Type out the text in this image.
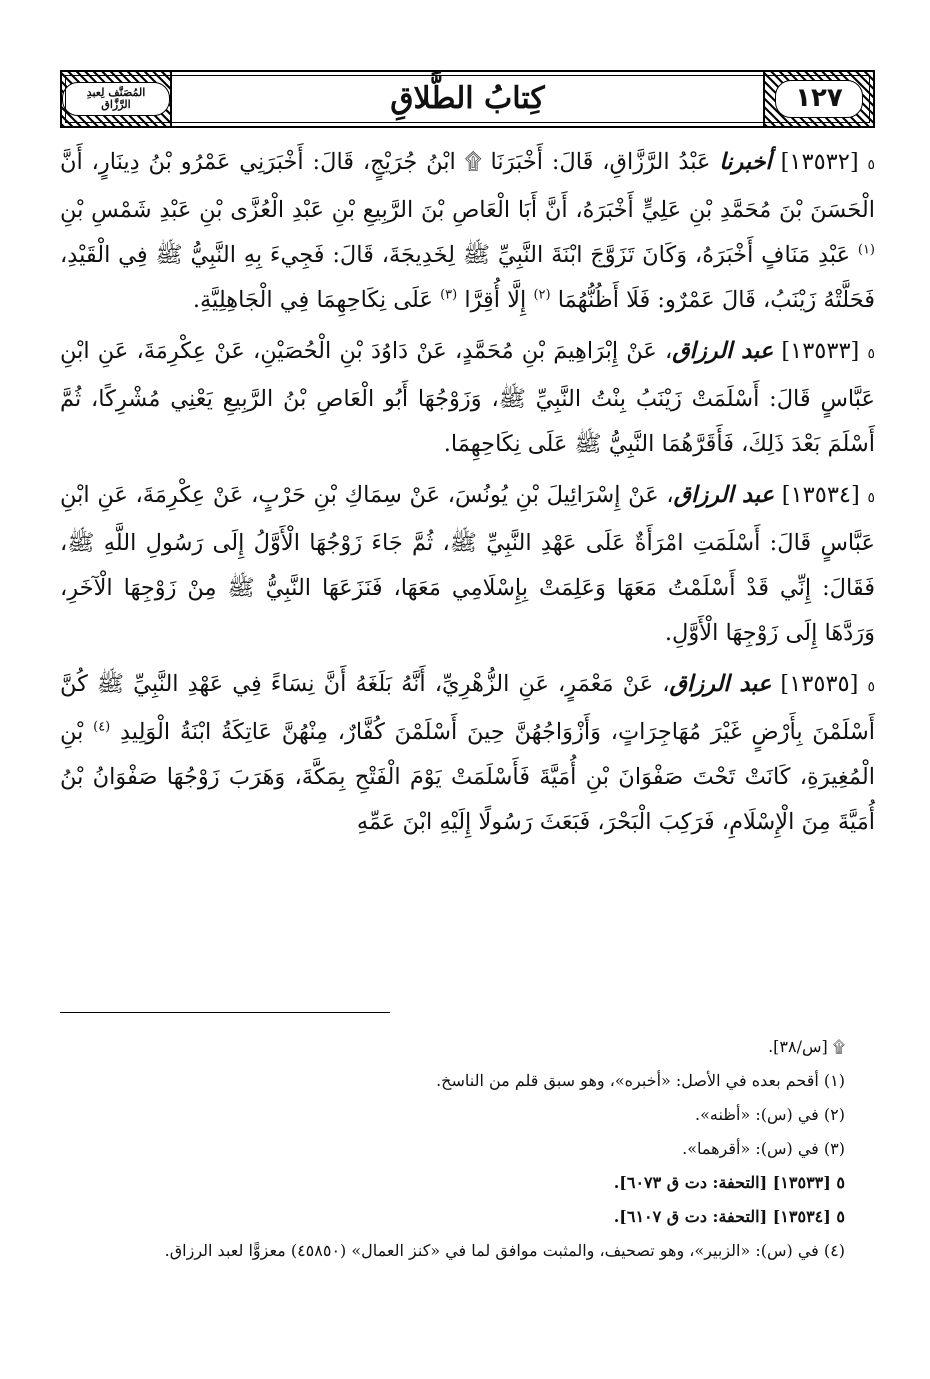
١٢٧
كِتابُ الطَّلاقِ
المُصَنَّف لِعبدِ الرَّزَّاق

٥ [١٣٥٣٢] أخبرنا عَبْدُ الرَّزَّاقِ، قَالَ: أَخْبَرَنَا ۩ ابْنُ جُرَيْجٍ، قَالَ: أَخْبَرَنِي عَمْرُو بْنُ دِينَارٍ، أَنَّ الْحَسَنَ بْنَ مُحَمَّدِ بْنِ عَلِيٍّ أَخْبَرَهُ، أَنَّ أَبَا الْعَاصِ بْنَ الرَّبِيعِ بْنِ عَبْدِ الْعُزَّى بْنِ عَبْدِ شَمْسِ بْنِ $^{(١)}$ عَبْدِ مَنَافٍ أَخْبَرَهُ، وَكَانَ تَزَوَّجَ ابْنَةَ النَّبِيِّ ﷺ لِخَدِيجَةَ، قَالَ: فَجِيءَ بِهِ النَّبِيُّ ﷺ فِي الْقَيْدِ، فَحَلَّتْهُ زَيْنَبُ، قَالَ عَمْرٌو: فَلَا أَظُنُّهُمَا $^{(٢)}$ إِلَّا أُقِرَّا $^{(٣)}$ عَلَى نِكَاحِهِمَا فِي الْجَاهِلِيَّةِ.

٥ [١٣٥٣٣] عبد الرزاق، عَنْ إِبْرَاهِيمَ بْنِ مُحَمَّدٍ، عَنْ دَاوُدَ بْنِ الْحُصَيْنِ، عَنْ عِكْرِمَةَ، عَنِ ابْنِ عَبَّاسٍ قَالَ: أَسْلَمَتْ زَيْنَبُ بِنْتُ النَّبِيِّ ﷺ، وَزَوْجُهَا أَبُو الْعَاصِ بْنُ الرَّبِيعِ يَعْنِي مُشْرِكًا، ثُمَّ أَسْلَمَ بَعْدَ ذَلِكَ، فَأَقَرَّهُمَا النَّبِيُّ ﷺ عَلَى نِكَاحِهِمَا.

٥ [١٣٥٣٤] عبد الرزاق، عَنْ إِسْرَائِيلَ بْنِ يُونُسَ، عَنْ سِمَاكِ بْنِ حَرْبٍ، عَنْ عِكْرِمَةَ، عَنِ ابْنِ عَبَّاسٍ قَالَ: أَسْلَمَتِ امْرَأَةٌ عَلَى عَهْدِ النَّبِيِّ ﷺ، ثُمَّ جَاءَ زَوْجُهَا الْأَوَّلُ إِلَى رَسُولِ اللَّهِ ﷺ، فَقَالَ: إِنِّي قَدْ أَسْلَمْتُ مَعَهَا وَعَلِمَتْ بِإِسْلَامِي مَعَهَا، فَنَزَعَهَا النَّبِيُّ ﷺ مِنْ زَوْجِهَا الْآخَرِ، وَرَدَّهَا إِلَى زَوْجِهَا الْأَوَّلِ.

٥ [١٣٥٣٥] عبد الرزاق، عَنْ مَعْمَرٍ، عَنِ الزُّهْرِيِّ، أَنَّهُ بَلَغَهُ أَنَّ نِسَاءً فِي عَهْدِ النَّبِيِّ ﷺ كُنَّ أَسْلَمْنَ بِأَرْضٍ غَيْرَ مُهَاجِرَاتٍ، وَأَزْوَاجُهُنَّ حِينَ أَسْلَمْنَ كُفَّارٌ، مِنْهُنَّ عَاتِكَةُ ابْنَةُ الْوَلِيدِ $^{(٤)}$ بْنِ الْمُغِيرَةِ، كَانَتْ تَحْتَ صَفْوَانَ بْنِ أُمَيَّةَ فَأَسْلَمَتْ يَوْمَ الْفَتْحِ بِمَكَّةَ، وَهَرَبَ زَوْجُهَا صَفْوَانُ بْنُ أُمَيَّةَ مِنَ الْإِسْلَامِ، فَرَكِبَ الْبَحْرَ، فَبَعَثَ رَسُولًا إِلَيْهِ ابْنَ عَمِّهِ

۩ [س/٣٨].

(١) أقحم بعده في الأصل: «أخبره»، وهو سبق قلم من الناسخ.

(٢) في (س): «أظنه».

(٣) في (س): «أقرهما».

٥ [١٣٥٣٣] [التحفة: دت ق ٦٠٧٣].

٥ [١٣٥٣٤] [التحفة: دت ق ٦١٠٧].

(٤) في (س): «الزبير»، وهو تصحيف، والمثبت موافق لما في «كنز العمال» (٤٥٨٥٠) معزوًّا لعبد الرزاق.
